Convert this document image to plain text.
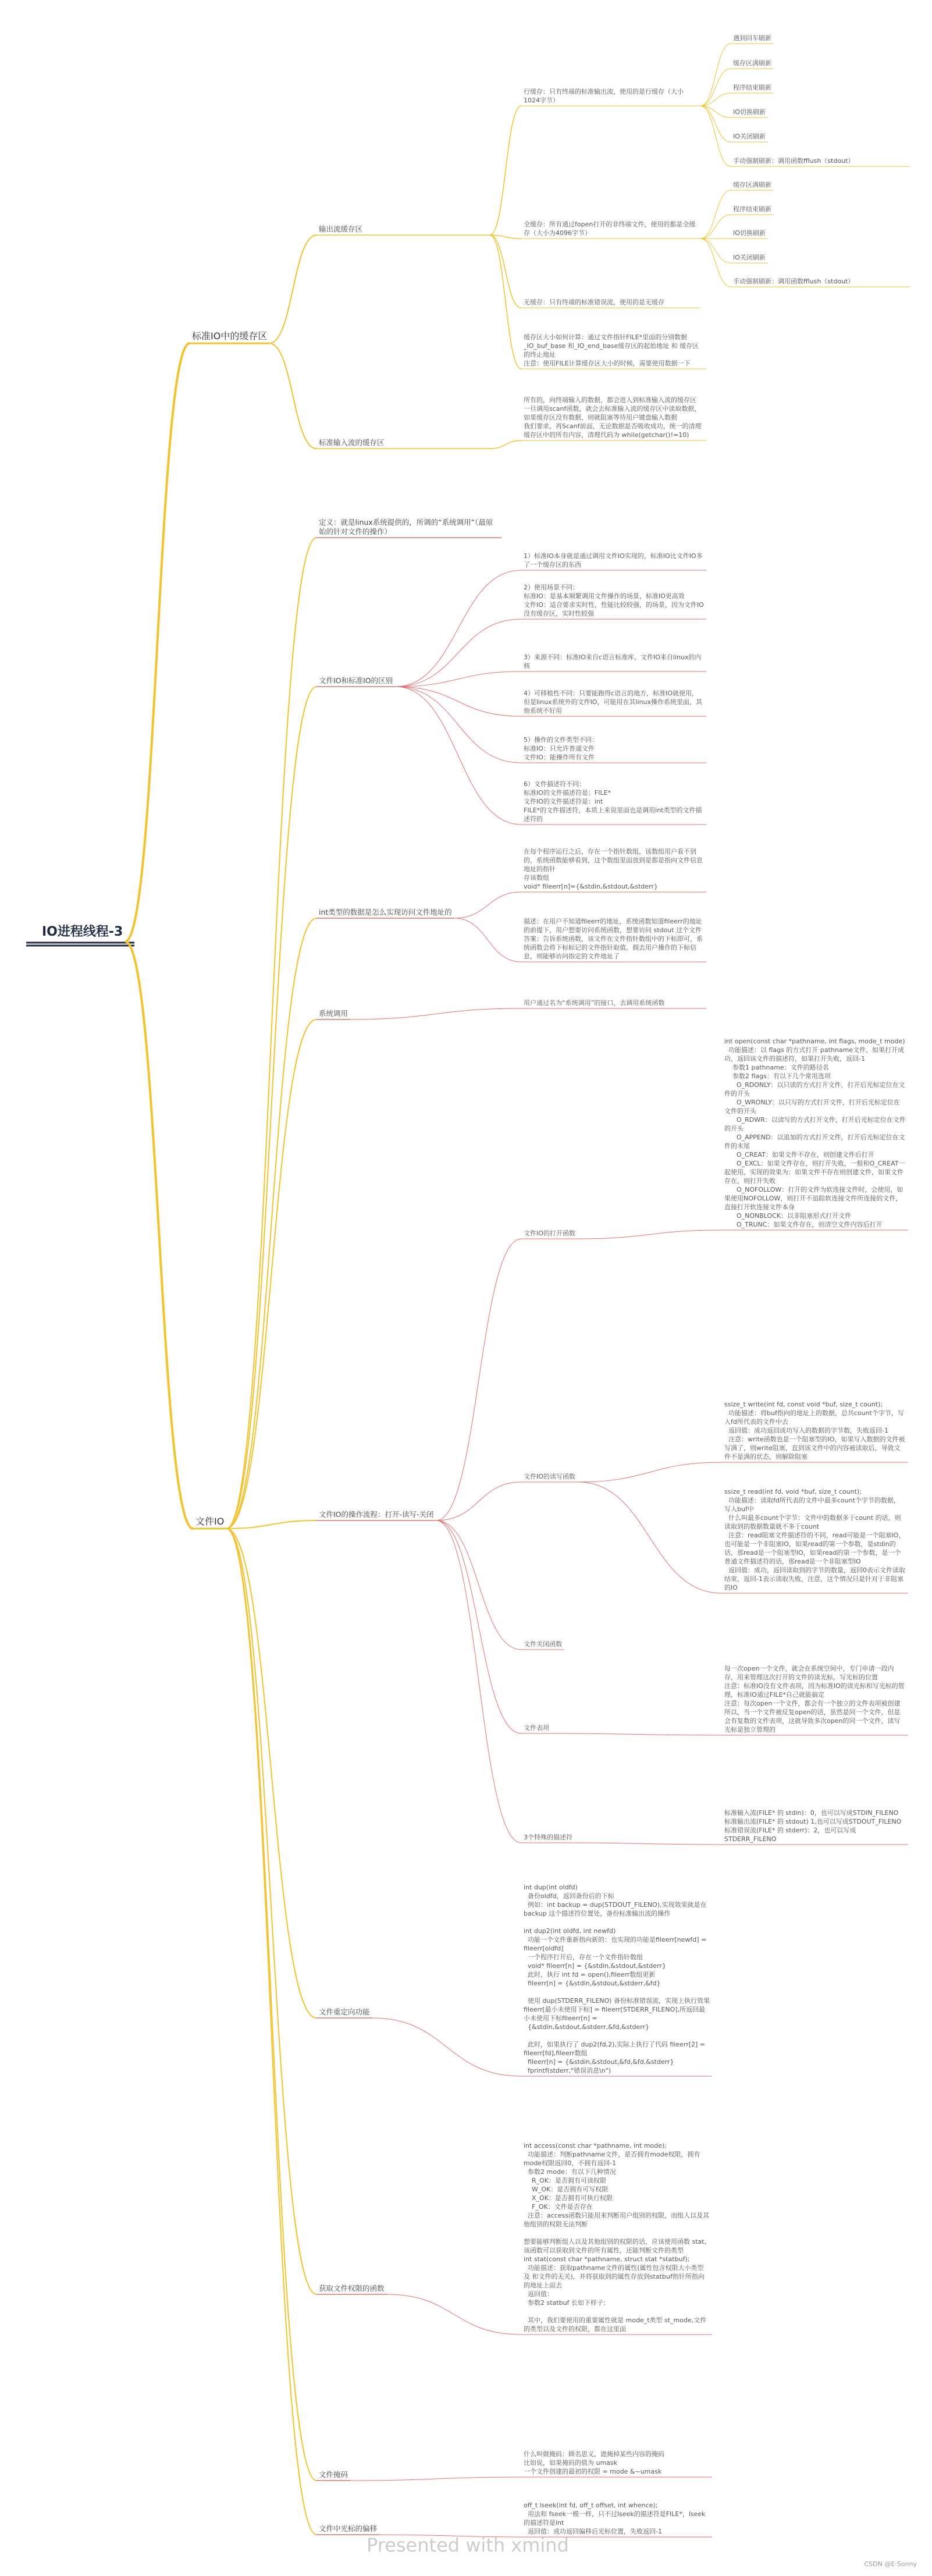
IO进程线程-3
Presented with xmind
CSDN @E·Sonny
标准IO中的缓存区
文件IO
输出流缓存区
标准输入流的缓存区
行缓存：只有终端的标准输出流，使用的是行缓存（大小1024字节）
全缓存：所有通过fopen打开的非终端文件，使用的都是全缓存（大小为4096字节）
无缓存：只有终端的标准错误流，使用的是无缓存
缓存区大小如何计算：通过文件指针FILE*里面的分别数据_IO_buf_base 和_IO_end_base缓存区的起始地址 和 缓存区的终止地址
注意：使用FILE计算缓存区大小的时候，需要使用数据一下
遇到回车刷新
缓存区满刷新
程序结束刷新
IO切换刷新
IO关闭刷新
手动强制刷新：调用函数fflush（stdout）
缓存区满刷新
程序结束刷新
IO切换刷新
IO关闭刷新
手动强制刷新：调用函数fflush（stdout）
所有的，向终端输入的数据，都会进入到标准输入流的缓存区
一旦调用scanf函数，就会去标准输入流的缓存区中读取数据，如果缓存区没有数据，则就阻塞等待用户键盘输入数据
我们要求，再Scanf前面，无论数据是否吸收成功，统一的清理缓存区中的所有内容，清理代码为 while(getchar()!=10)
定义：就是linux系统提供的，所调的“系统调用”（最原始的针对文件的操作）
文件IO和标准IO的区别
int类型的数据是怎么实现访问文件地址的
系统调用
文件IO的操作流程：打开-读写-关闭
文件重定向功能
获取文件权限的函数
文件掩码
文件中光标的偏移
1）标准IO本身就是通过调用文件IO实现的，标准IO比文件IO多了一个缓存区的东西
2）使用场景不同：
标准IO：是基本频繁调用文件操作的场景，标准IO更高效
文件IO：适合要求实时性，性能比较较强，的场景，因为文件IO没有缓存区，实时性较强
3）来源不同：标准IO来自c语言标准库，文件IO来自linux的内核
4）可移植性不同：只要能跑得c语言的地方，标准IO就使用，但是linux系统外的文件IO，可能用在其linux操作系统里面，其他系统不好用
5）操作的文件类型不同：
标准IO：只允许普通文件
文件IO：能操作所有文件
6）文件描述符不同：
标准IO的文件描述符是：FILE*
文件IO的文件描述符是：int
FILE*的文件描述符，本质上来说里面也是调用int类型的文件描述符的
在每个程序运行之后，存在一个指针数组，该数组用户看不到的，系统函数能够看到，这个数组里面放到是都是指向文件信息地址的指针
存该数组
void* fileerr[n]={&stdin,&stdout,&stderr}
描述：在用户不知道fileerr的地址，系统函数知道fileerr的地址的前提下，用户想要访问系统函数，想要访问 stdout 这个文件
答案：告诉系统函数，该文件在文件指针数组中的下标即可，系统函数会将下标标记的文件指针取值，拥去用户操作的下标信息，则能够访问指定的文件地址了
用户通过名为“系统调用”的接口，去调用系统函数
文件IO的打开函数
文件IO的读写函数
文件关闭函数
文件表项
3个特殊的描述符
int open(const char *pathname, int flags, mode_t mode)
功能描述：以 flags 的方式打开 pathname文件，如果打开成功，返回该文件的描述符，如果打开失败，返回-1
参数1 pathname：文件的路径名
参数2 flags：有以下几个常用选项
O_RDONLY：以只读的方式打开文件，打开后光标定位在文件的开头
O_WRONLY：以只写的方式打开文件，打开后光标定位在文件的开头
O_RDWR：以读写的方式打开文件，打开后光标定位在文件的开头
O_APPEND：以追加的方式打开文件，打开后光标定位在文件的末尾
O_CREAT：如果文件不存在，则创建文件后打开
O_EXCL：如果文件存在，则打开失败，一般和O_CREAT一起使用，实现的效果为：如果文件不存在则创建文件，如果文件存在，则打开失败
O_NOFOLLOW：打开的文件为软连接文件时，会使用，如果使用NOFOLLOW，则打开不追踪软连接文件所连接的文件，直接打开软连接文件本身
O_NONBLOCK：以非阻塞形式打开文件
O_TRUNC：如果文件存在，则清空文件内容后打开
ssize_t write(int fd, const void *buf, size_t count);
功能描述：将buf指向的地址上的数据，总共count个字节，写入fd所代表的文件中去
返回值：成功返回成功写入的数据的字节数，失败返回-1
注意：write函数也是一个阻塞型的IO，如果写入数据的文件被写满了，则write阻塞，直到该文件中的内容被读取后，导致文件不是满的状态，则解除阻塞
ssize_t read(int fd, void *buf, size_t count);
功能描述：读取fd所代表的文件中最多count个字节的数据，写入buf中
什么叫最多count个字节：文件中的数据多于count 的话，则读取到的数据数量就不多于count
注意：read阻塞文件描述符的不同，read可能是一个阻塞IO，也可能是一个非阻塞IO，如果read的第一个参数，是stdin的话，那read是一个阻塞型IO，如果read的第一个参数，是一个普通文件描述符的话，那read是一个非阻塞型IO
返回值：成功，返回读取到的字节的数量，返回0表示文件读取结束，返回-1表示读取失败，注意，这个情况只是针对于非阻塞的IO
每一次open一个文件，就会在系统空间中，专门申请一段内存，用来管理这次打开的文件的读光标，写光标的位置
注意：标准IO没有文件表项，因为标准IO的读光标和写光标的管理，标准IO通过FILE*自己就能搞定
注意：每次open一个文件，都会有一个独立的文件表项被创建
所以，当一个文件被反复open的话，虽然是同一个文件，但是会有复数的文件表项，这就导致多次open的同一个文件，读写光标是独立管理的
标准输入流(FILE* 的 stdin)：0，也可以写成STDIN_FILENO
标准输出流(FILE* 的 stdout) 1,也可以写成STDOUT_FILENO
标准错误流(FILE* 的 stderr)：2，也可以写成STDERR_FILENO
int dup(int oldfd)
备份oldfd，返回备份后的下标
例如：int backup = dup(STDOUT_FILENO),实现效果就是在 backup 这个描述符位置处，备份标准输出流的操作

int dup2(int oldfd, int newfd)
功能一个文件重新指向新的：也实现的功能是fileerr[newfd] = fileerr[oldfd]
一个程序打开后，存在一个文件指针数组
void* fileerr[n] = {&stdin,&stdout,&stderr}
此时，执行 int fd = open(),fileerr数组更新
fileerr[n] = {&stdin,&stdout,&stderr,&fd}

使用 dup(STDERR_FILENO) 备份标准错误流，实现上执行效果 fileerr[最小未使用下标] = fileerr[STDERR_FILENO],所返回最小未使用下标fileerr[n] =
{&stdin,&stdout,&stderr,&fd,&stderr}

此时，如果执行了 dup2(fd,2),实际上执行了代码 fileerr[2] = fileerr[fd],fileerr数组
fileerr[n] = {&stdin,&stdout,&fd,&fd,&stderr}
fprintf(stderr,"错误消息\n")
int access(const char *pathname, int mode);
功能描述：判断pathname文件，是否拥有mode权限，拥有mode权限返回0，不拥有返回-1
参数2 mode：有以下几种情况
R_OK：是否拥有可读权限
W_OK：是否拥有可写权限
X_OK：是否拥有可执行权限
F_OK：文件是否存在
注意：access函数只能用来判断用户组别的权限，而组人以及其他组别的权限无法判断

想要能够判断组人以及其他组别的权限的话，应该使用函数 stat,该函数可以获取到文件的所有属性，还能判断文件的类型
int stat(const char *pathname, struct stat *statbuf);
功能描述：获取pathname文件的属性(属性包含权限大小类型及 和文件的无关)，并将获取到的属性存放到statbuf指针所指向的地址上面去
返回值：
参数2 statbuf 长如下样子：

其中，我们要使用的重要属性就是 mode_t类型 st_mode,文件的类型以及文件的权限，都在这里面
什么叫做掩码：顾名思义，遮掩掉某些内容的掩码
比如说，如果掩码的值为 umask
一个文件创建的最初的权限 = mode &~umask
off_t lseek(int fd, off_t offset, int whence);
用法和 fseek一模一样，只不过lseek的描述符是FILE*，lseek的描述符是int
返回值：成功返回偏移后光标位置，失败返回-1
